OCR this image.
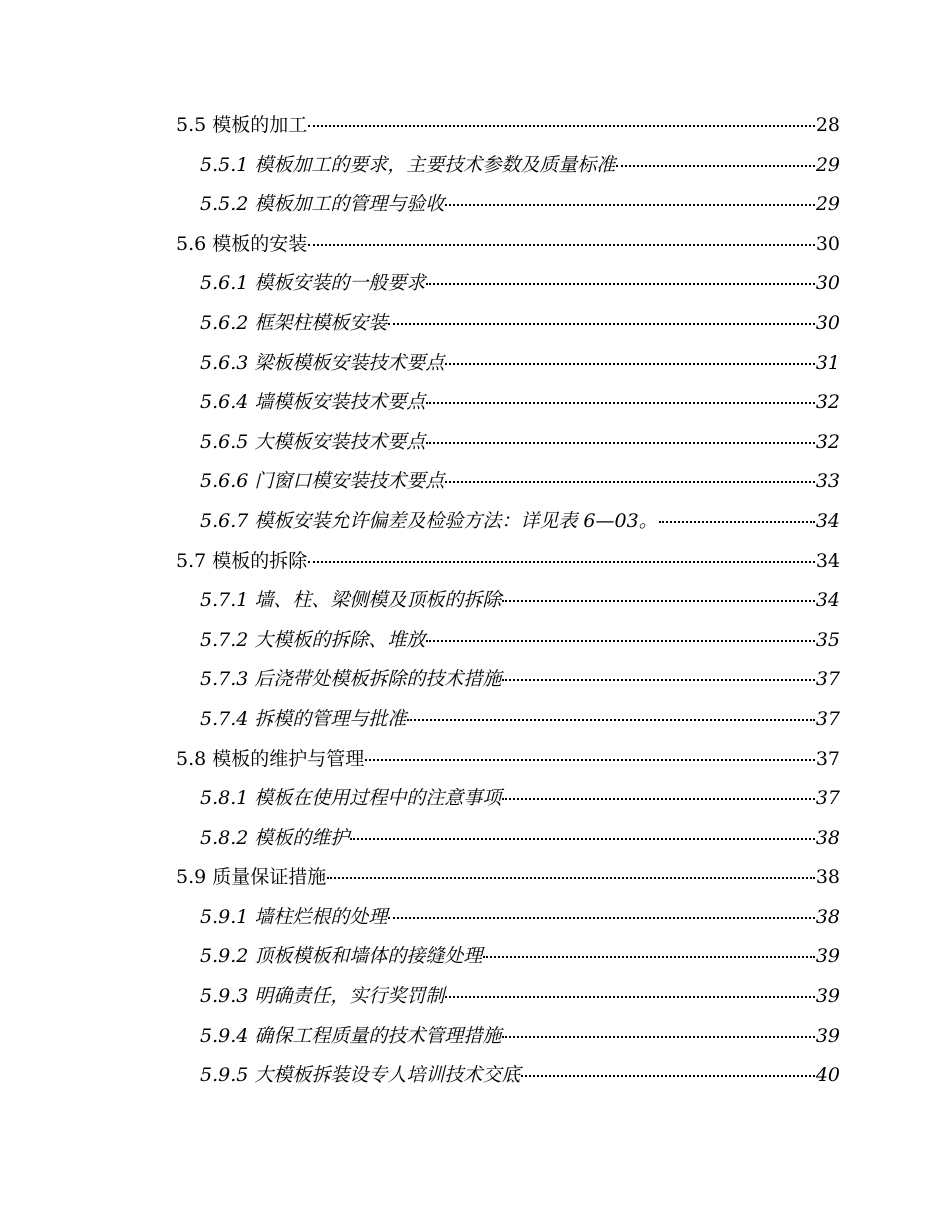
5.5 模板的加工	28
5.5.1 模板加工的要求，主要技术参数及质量标准	29
5.5.2 模板加工的管理与验收	29
5.6 模板的安装	30
5.6.1 模板安装的一般要求	30
5.6.2 框架柱模板安装	30
5.6.3 梁板模板安装技术要点	31
5.6.4 墙模板安装技术要点	32
5.6.5 大模板安装技术要点	32
5.6.6 门窗口模安装技术要点	33
5.6.7 模板安装允许偏差及检验方法：详见表 6—03。	34
5.7 模板的拆除	34
5.7.1 墙、柱、梁侧模及顶板的拆除	34
5.7.2 大模板的拆除、堆放	35
5.7.3 后浇带处模板拆除的技术措施	37
5.7.4 拆模的管理与批准	37
5.8 模板的维护与管理	37
5.8.1 模板在使用过程中的注意事项	37
5.8.2 模板的维护	38
5.9 质量保证措施	38
5.9.1 墙柱烂根的处理	38
5.9.2 顶板模板和墙体的接缝处理	39
5.9.3 明确责任，实行奖罚制	39
5.9.4 确保工程质量的技术管理措施	39
5.9.5 大模板拆装设专人培训技术交底	40
